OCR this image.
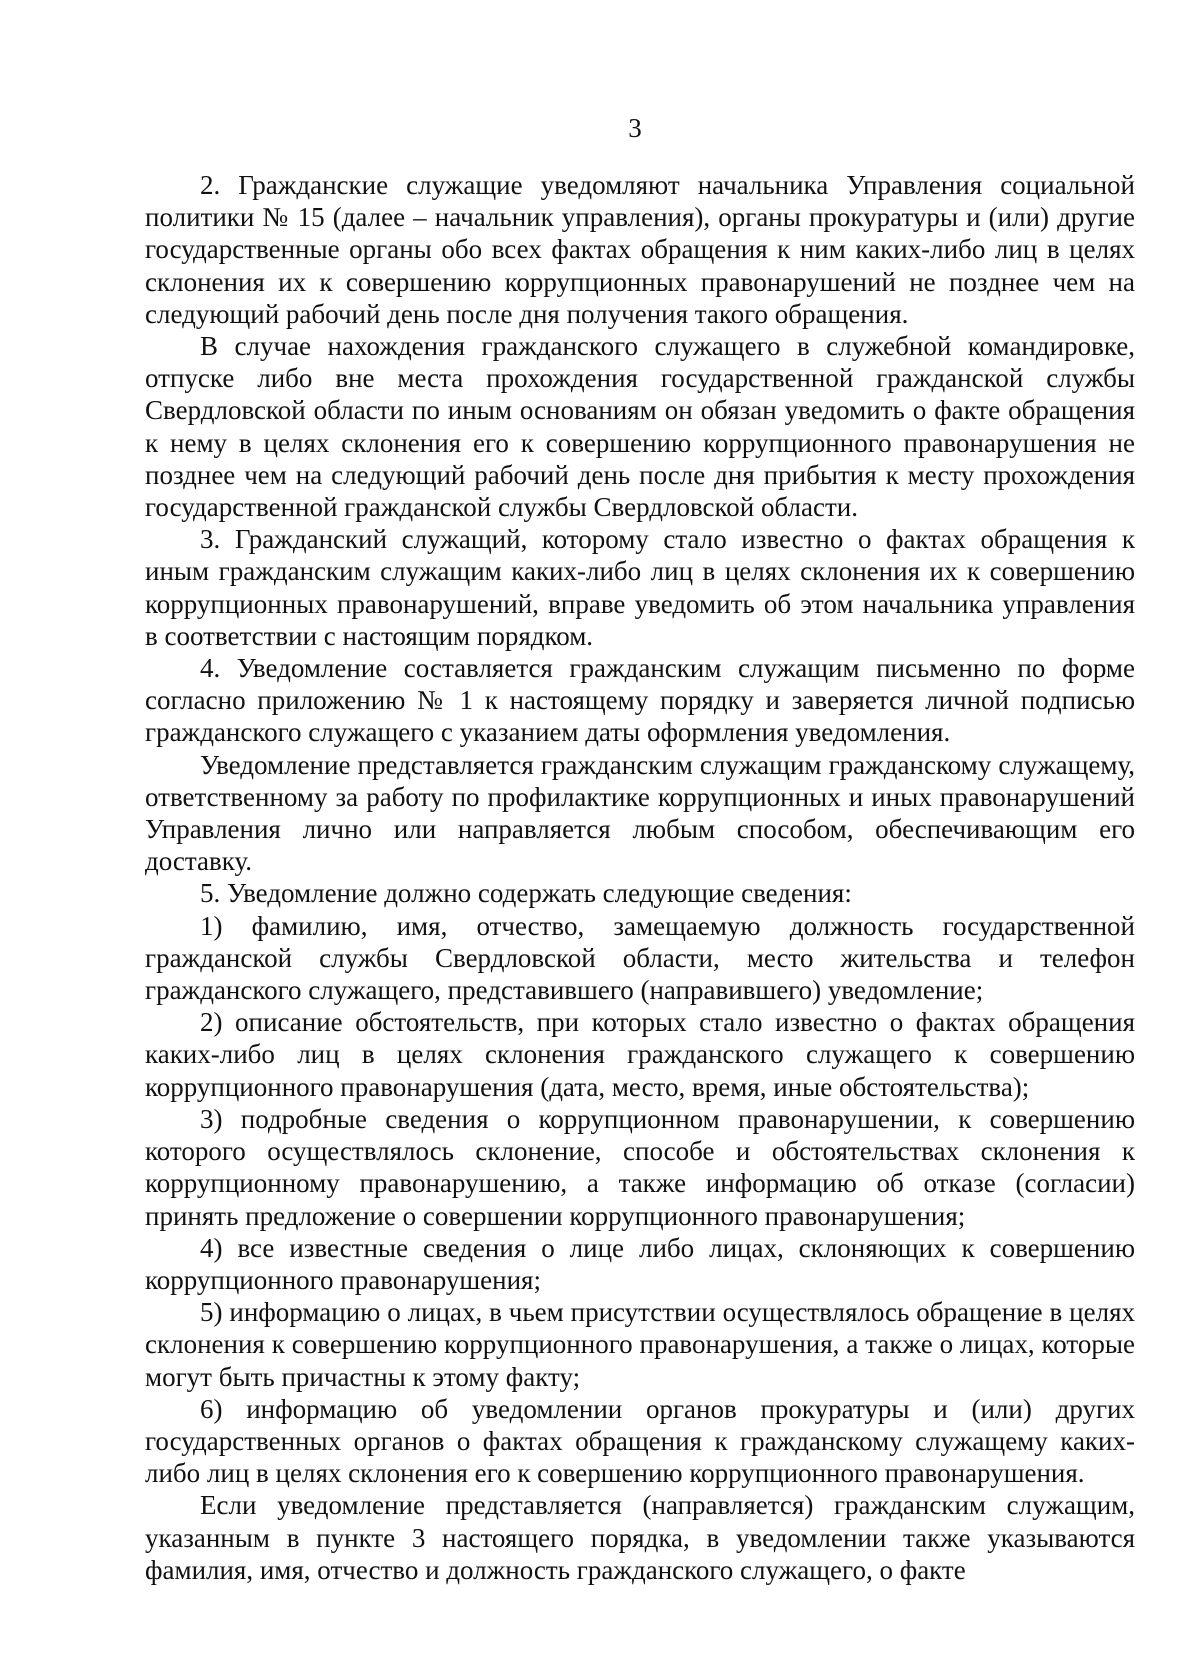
3

2. Гражданские служащие уведомляют начальника Управления социальной политики № 15 (далее – начальник управления), органы прокуратуры и (или) другие государственные органы обо всех фактах обращения к ним каких-либо лиц в целях склонения их к совершению коррупционных правонарушений не позднее чем на следующий рабочий день после дня получения такого обращения.

В случае нахождения гражданского служащего в служебной командировке, отпуске либо вне места прохождения государственной гражданской службы Свердловской области по иным основаниям он обязан уведомить о факте обращения к нему в целях склонения его к совершению коррупционного правонарушения не позднее чем на следующий рабочий день после дня прибытия к месту прохождения государственной гражданской службы Свердловской области.

3. Гражданский служащий, которому стало известно о фактах обращения к иным гражданским служащим каких-либо лиц в целях склонения их к совершению коррупционных правонарушений, вправе уведомить об этом начальника управления в соответствии с настоящим порядком.

4. Уведомление составляется гражданским служащим письменно по форме согласно приложению № 1 к настоящему порядку и заверяется личной подписью гражданского служащего с указанием даты оформления уведомления.

Уведомление представляется гражданским служащим гражданскому служащему, ответственному за работу по профилактике коррупционных и иных правонарушений Управления лично или направляется любым способом, обеспечивающим его доставку.

5. Уведомление должно содержать следующие сведения:

1) фамилию, имя, отчество, замещаемую должность государственной гражданской службы Свердловской области, место жительства и телефон гражданского служащего, представившего (направившего) уведомление;

2) описание обстоятельств, при которых стало известно о фактах обращения каких-либо лиц в целях склонения гражданского служащего к совершению коррупционного правонарушения (дата, место, время, иные обстоятельства);

3) подробные сведения о коррупционном правонарушении, к совершению которого осуществлялось склонение, способе и обстоятельствах склонения к коррупционному правонарушению, а также информацию об отказе (согласии) принять предложение о совершении коррупционного правонарушения;

4) все известные сведения о лице либо лицах, склоняющих к совершению коррупционного правонарушения;

5) информацию о лицах, в чьем присутствии осуществлялось обращение в целях склонения к совершению коррупционного правонарушения, а также о лицах, которые могут быть причастны к этому факту;

6) информацию об уведомлении органов прокуратуры и (или) других государственных органов о фактах обращения к гражданскому служащему каких-либо лиц в целях склонения его к совершению коррупционного правонарушения.

Если уведомление представляется (направляется) гражданским служащим, указанным в пункте 3 настоящего порядка, в уведомлении также указываются фамилия, имя, отчество и должность гражданского служащего, о факте
